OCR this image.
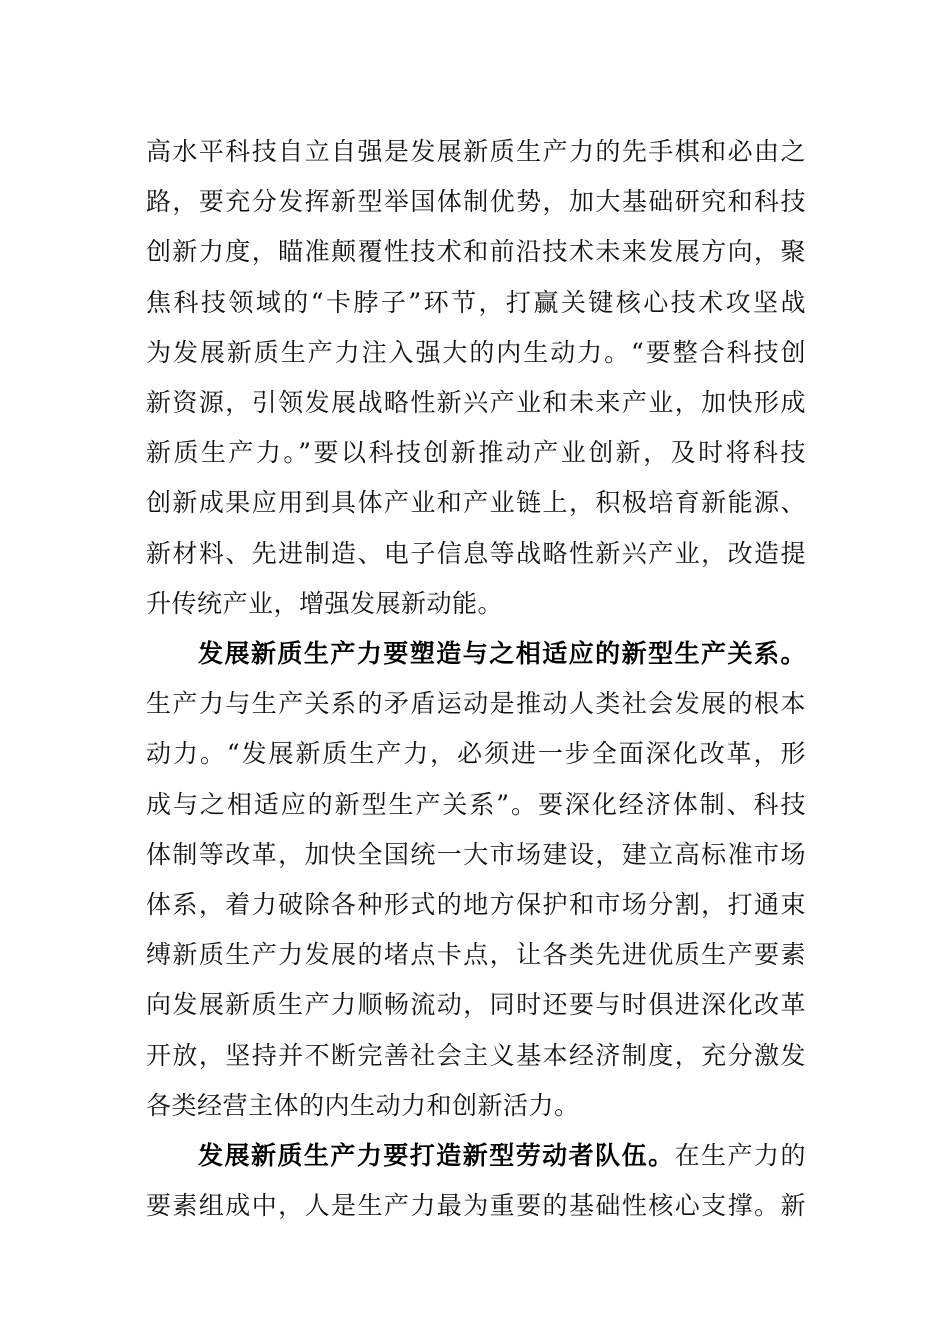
高水平科技自立自强是发展新质生产力的先手棋和必由之
路，要充分发挥新型举国体制优势，加大基础研究和科技
创新力度，瞄准颠覆性技术和前沿技术未来发展方向，聚
焦科技领域的“卡脖子”环节，打赢关键核心技术攻坚战
为发展新质生产力注入强大的内生动力。“要整合科技创
新资源，引领发展战略性新兴产业和未来产业，加快形成
新质生产力。”要以科技创新推动产业创新，及时将科技
创新成果应用到具体产业和产业链上，积极培育新能源、
新材料、先进制造、电子信息等战略性新兴产业，改造提
升传统产业，增强发展新动能。
发展新质生产力要塑造与之相适应的新型生产关系。
生产力与生产关系的矛盾运动是推动人类社会发展的根本
动力。“发展新质生产力，必须进一步全面深化改革，形
成与之相适应的新型生产关系”。要深化经济体制、科技
体制等改革，加快全国统一大市场建设，建立高标准市场
体系，着力破除各种形式的地方保护和市场分割，打通束
缚新质生产力发展的堵点卡点，让各类先进优质生产要素
向发展新质生产力顺畅流动，同时还要与时俱进深化改革
开放，坚持并不断完善社会主义基本经济制度，充分激发
各类经营主体的内生动力和创新活力。
发展新质生产力要打造新型劳动者队伍。在生产力的
要素组成中，人是生产力最为重要的基础性核心支撑。新
